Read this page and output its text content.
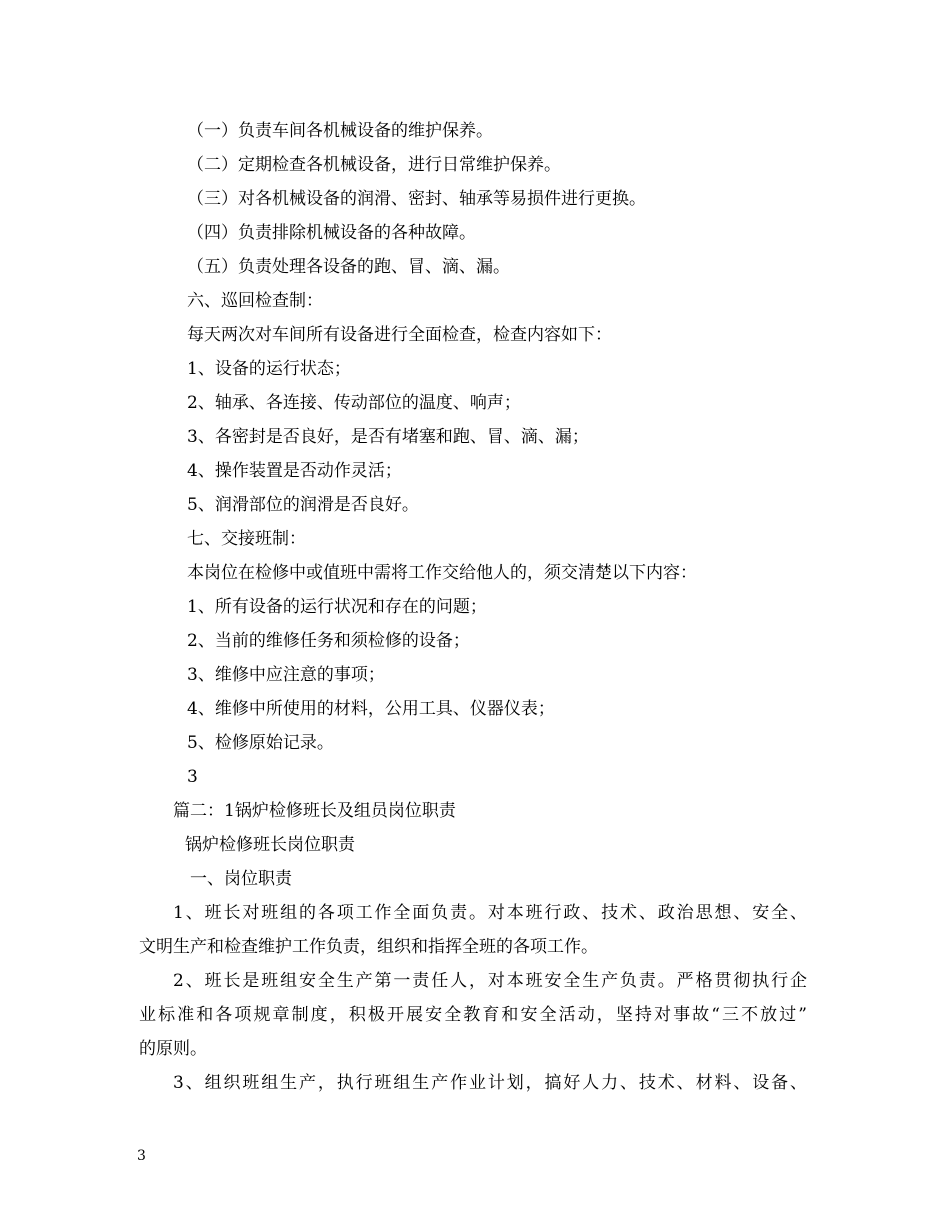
（一）负责车间各机械设备的维护保养。
（二）定期检查各机械设备，进行日常维护保养。
（三）对各机械设备的润滑、密封、轴承等易损件进行更换。
（四）负责排除机械设备的各种故障。
（五）负责处理各设备的跑、冒、滴、漏。
六、巡回检查制：
每天两次对车间所有设备进行全面检查，检查内容如下：
1、设备的运行状态；
2、轴承、各连接、传动部位的温度、响声；
3、各密封是否良好，是否有堵塞和跑、冒、滴、漏；
4、操作装置是否动作灵活；
5、润滑部位的润滑是否良好。
七、交接班制：
本岗位在检修中或值班中需将工作交给他人的，须交清楚以下内容：
1、所有设备的运行状况和存在的问题；
2、当前的维修任务和须检修的设备；
3、维修中应注意的事项；
4、维修中所使用的材料，公用工具、仪器仪表；
5、检修原始记录。
3
篇二：1锅炉检修班长及组员岗位职责
锅炉检修班长岗位职责
一、岗位职责
1、班长对班组的各项工作全面负责。对本班行政、技术、政治思想、安全、
文明生产和检查维护工作负责，组织和指挥全班的各项工作。
2、班长是班组安全生产第一责任人，对本班安全生产负责。严格贯彻执行企
业标准和各项规章制度，积极开展安全教育和安全活动，坚持对事故“三不放过”
的原则。
3、组织班组生产，执行班组生产作业计划，搞好人力、技术、材料、设备、
3
